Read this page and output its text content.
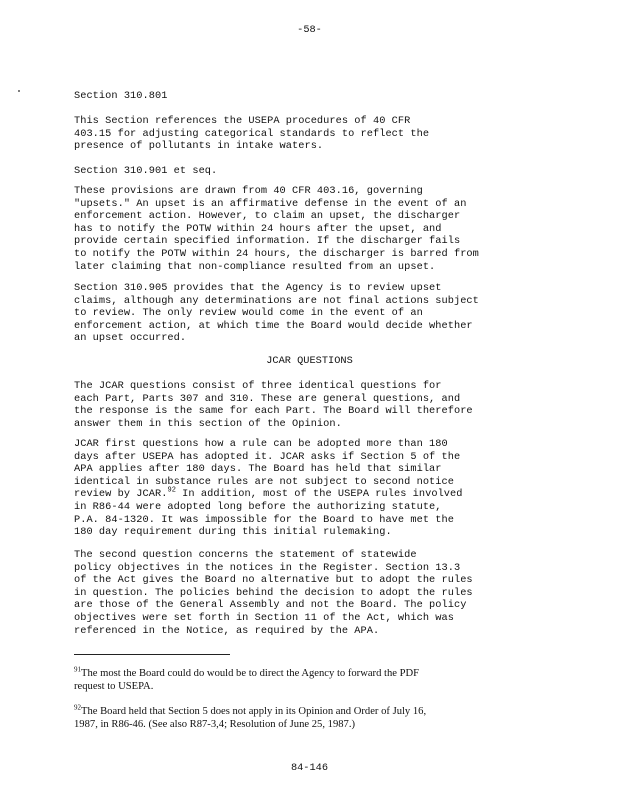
-58-

Section 310.801

This Section references the USEPA procedures of 40 CFR
403.15 for adjusting categorical standards to reflect the
presence of pollutants in intake waters.

Section 310.901 et seq.

These provisions are drawn from 40 CFR 403.16, governing
"upsets." An upset is an affirmative defense in the event of an
enforcement action. However, to claim an upset, the discharger
has to notify the POTW within 24 hours after the upset, and
provide certain specified information. If the discharger fails
to notify the POTW within 24 hours, the discharger is barred from
later claiming that non-compliance resulted from an upset.
Section 310.905 provides that the Agency is to review upset
claims, although any determinations are not final actions subject
to review. The only review would come in the event of an
enforcement action, at which time the Board would decide whether
an upset occurred.

JCAR QUESTIONS

The JCAR questions consist of three identical questions for
each Part, Parts 307 and 310. These are general questions, and
the response is the same for each Part. The Board will therefore
answer them in this section of the Opinion.
JCAR first questions how a rule can be adopted more than 180
days after USEPA has adopted it. JCAR asks if Section 5 of the
APA applies after 180 days. The Board has held that similar
identical in substance rules are not subject to second notice
review by JCAR.$^{92}$ In addition, most of the USEPA rules involved
in R86-44 were adopted long before the authorizing statute,
P.A. 84-1320. It was impossible for the Board to have met the
180 day requirement during this initial rulemaking.
The second question concerns the statement of statewide
policy objectives in the notices in the Register. Section 13.3
of the Act gives the Board no alternative but to adopt the rules
in question. The policies behind the decision to adopt the rules
are those of the General Assembly and not the Board. The policy
objectives were set forth in Section 11 of the Act, which was
referenced in the Notice, as required by the APA.
$^{91}$The most the Board could do would be to direct the Agency to forward the PDF
request to USEPA.
$^{92}$The Board held that Section 5 does not apply in its Opinion and Order of July 16,
1987, in R86-46. (See also R87-3,4; Resolution of June 25, 1987.)

84-146
